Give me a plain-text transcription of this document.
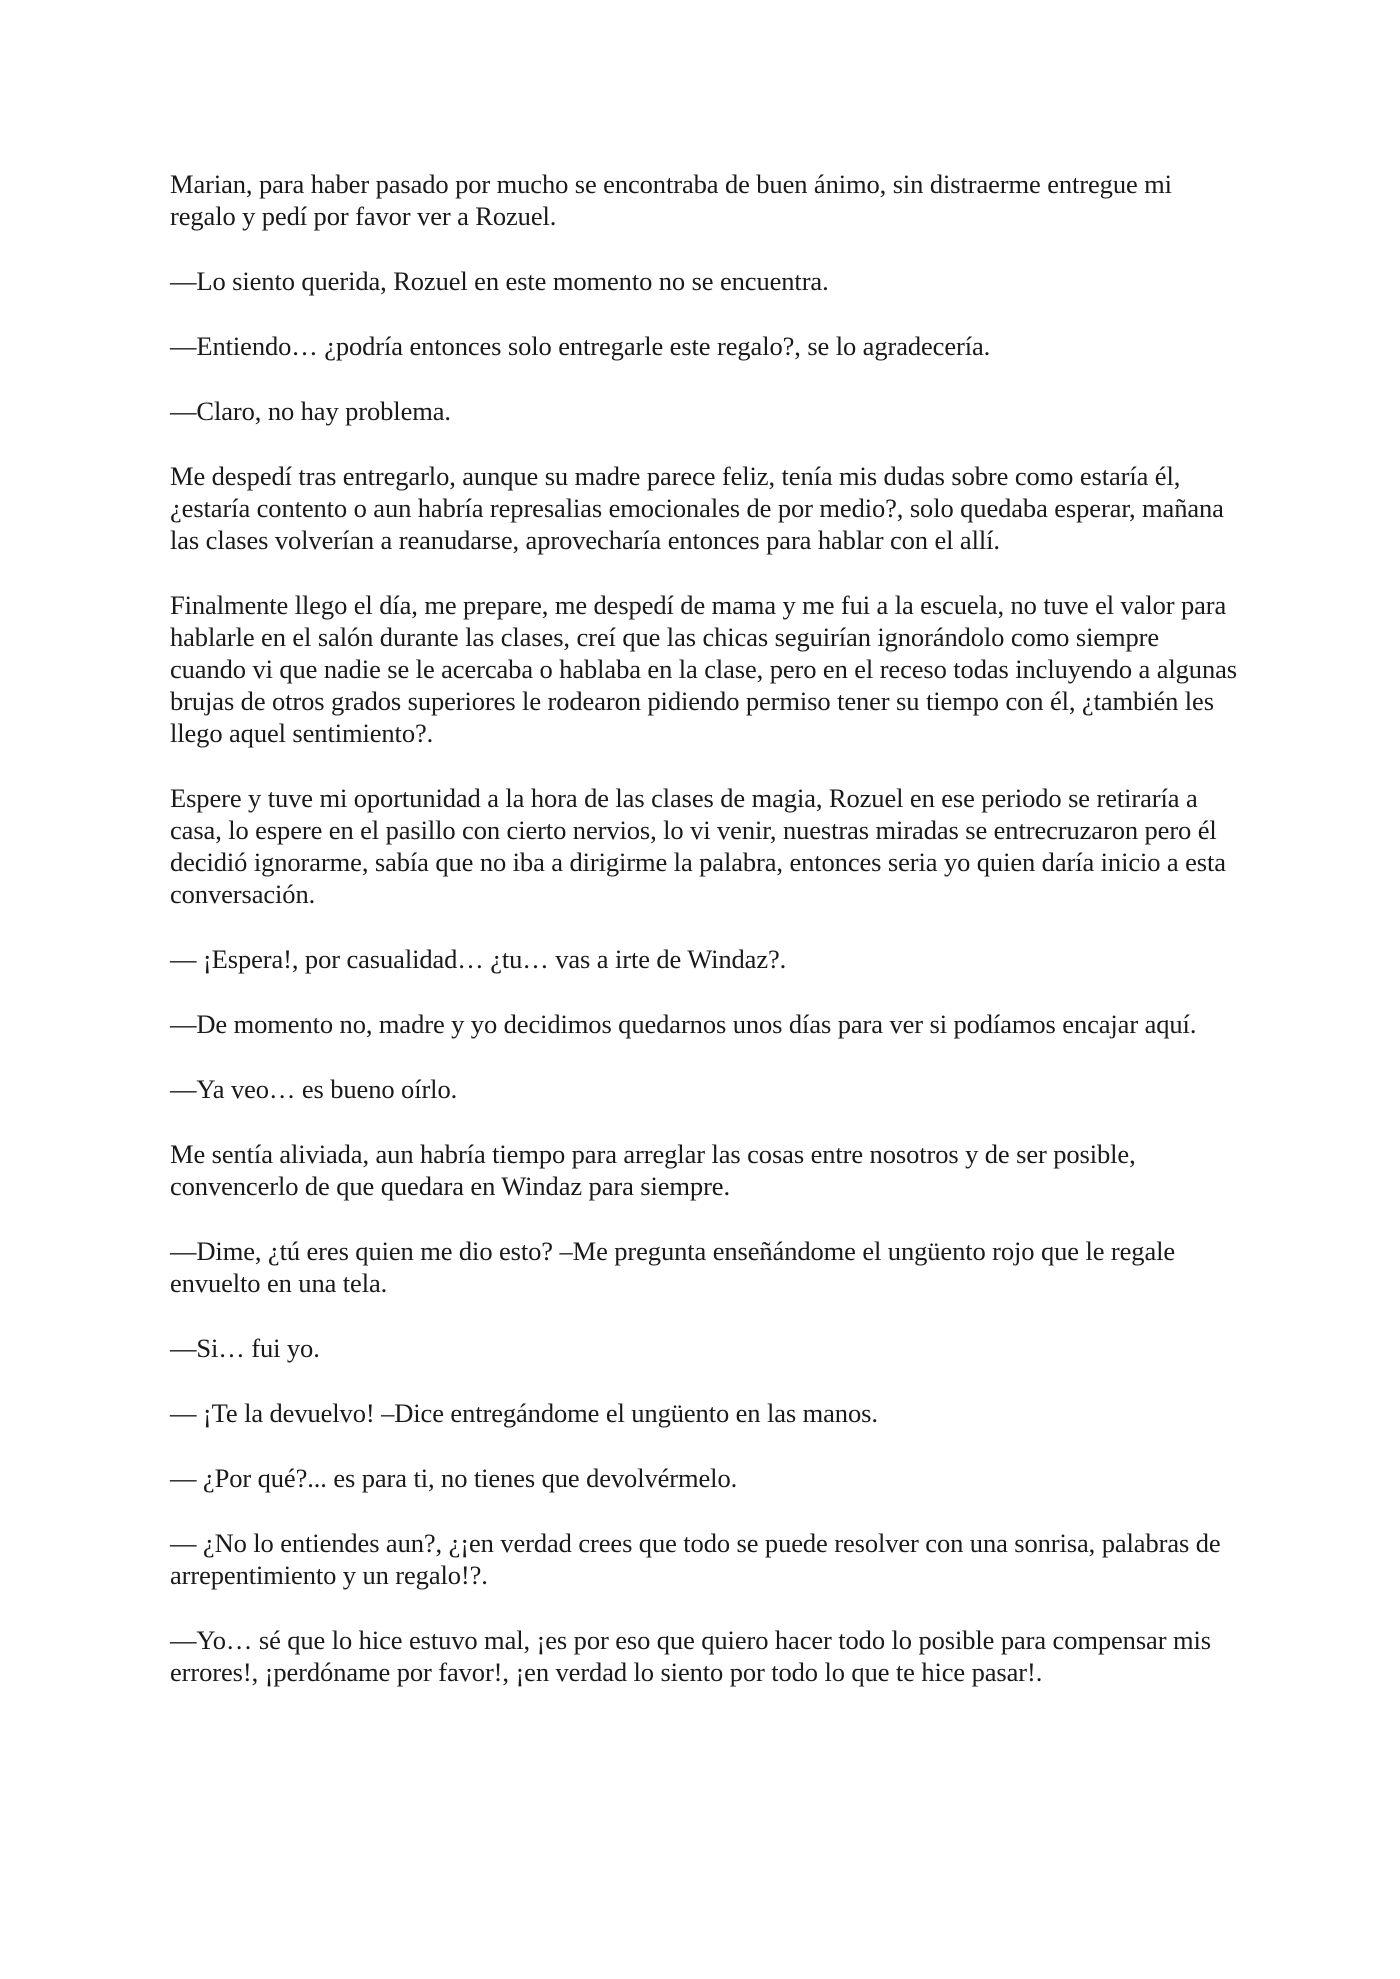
Marian, para haber pasado por mucho se encontraba de buen ánimo, sin distraerme entregue mi regalo y pedí por favor ver a Rozuel.

—Lo siento querida, Rozuel en este momento no se encuentra.

—Entiendo… ¿podría entonces solo entregarle este regalo?, se lo agradecería.

—Claro, no hay problema.

Me despedí tras entregarlo, aunque su madre parece feliz, tenía mis dudas sobre como estaría él, ¿estaría contento o aun habría represalias emocionales de por medio?, solo quedaba esperar, mañana las clases volverían a reanudarse, aprovecharía entonces para hablar con el allí.

Finalmente llego el día, me prepare, me despedí de mama y me fui a la escuela, no tuve el valor para hablarle en el salón durante las clases, creí que las chicas seguirían ignorándolo como siempre cuando vi que nadie se le acercaba o hablaba en la clase, pero en el receso todas incluyendo a algunas brujas de otros grados superiores le rodearon pidiendo permiso tener su tiempo con él, ¿también les llego aquel sentimiento?.

Espere y tuve mi oportunidad a la hora de las clases de magia, Rozuel en ese periodo se retiraría a casa, lo espere en el pasillo con cierto nervios, lo vi venir, nuestras miradas se entrecruzaron pero él decidió ignorarme, sabía que no iba a dirigirme la palabra, entonces seria yo quien daría inicio a esta conversación.

— ¡Espera!, por casualidad… ¿tu… vas a irte de Windaz?.

—De momento no, madre y yo decidimos quedarnos unos días para ver si podíamos encajar aquí.

—Ya veo… es bueno oírlo.

Me sentía aliviada, aun habría tiempo para arreglar las cosas entre nosotros y de ser posible, convencerlo de que quedara en Windaz para siempre.

—Dime, ¿tú eres quien me dio esto? –Me pregunta enseñándome el ungüento rojo que le regale envuelto en una tela.

—Si… fui yo.

— ¡Te la devuelvo! –Dice entregándome el ungüento en las manos.

— ¿Por qué?... es para ti, no tienes que devolvérmelo.

— ¿No lo entiendes aun?, ¿¡en verdad crees que todo se puede resolver con una sonrisa, palabras de arrepentimiento y un regalo!?.

—Yo… sé que lo hice estuvo mal, ¡es por eso que quiero hacer todo lo posible para compensar mis errores!, ¡perdóname por favor!, ¡en verdad lo siento por todo lo que te hice pasar!.
